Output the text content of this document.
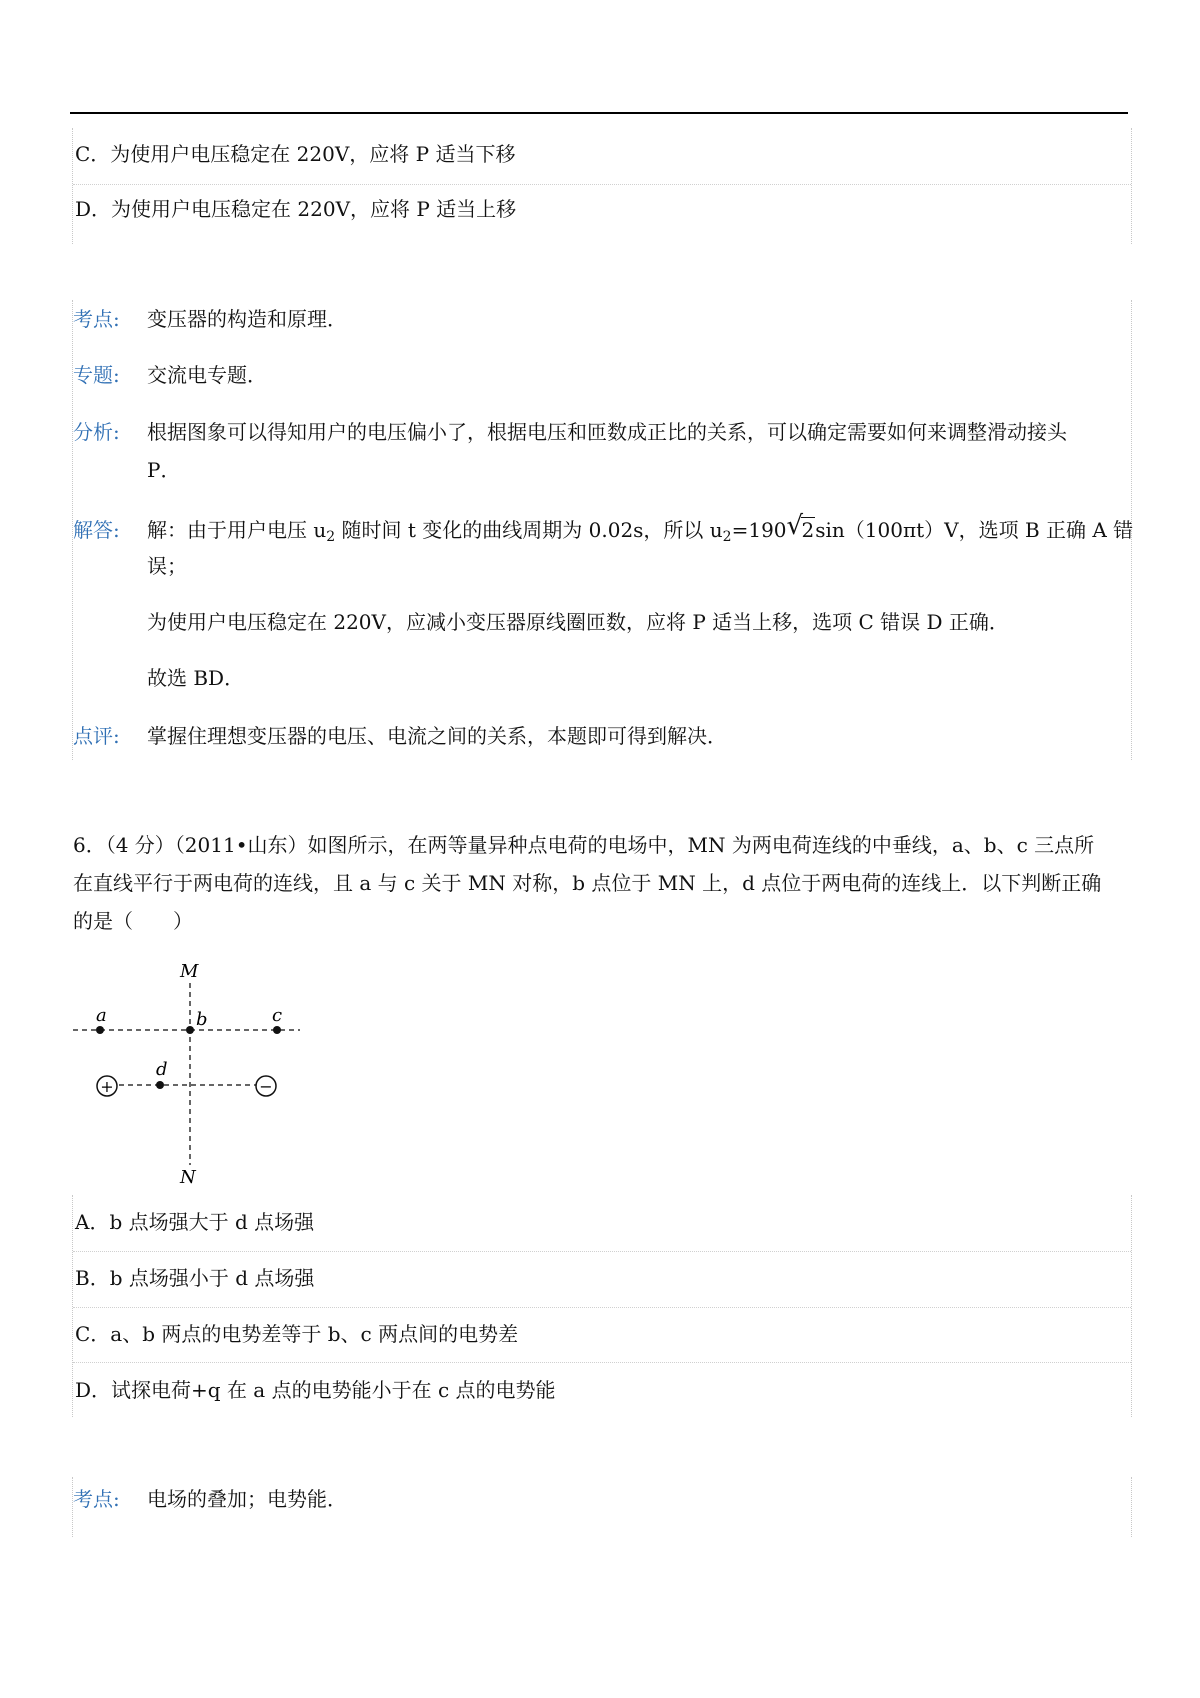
C．为使用户电压稳定在 220V，应将 P 适当下移
D．为使用户电压稳定在 220V，应将 P 适当上移
考点: 变压器的构造和原理．
专题: 交流电专题．
分析: 根据图象可以得知用户的电压偏小了，根据电压和匝数成正比的关系，可以确定需要如何来调整滑动接头
P．
解答: 解：由于用户电压 $u_2$ 随时间 t 变化的曲线周期为 0.02s，所以 $u_2=190√$ 2sin（100πt）V，选项 B 正确 A 错
误；
为使用户电压稳定在 220V，应减小变压器原线圈匝数，应将 P 适当上移，选项 C 错误 D 正确．
故选 BD．
点评: 掌握住理想变压器的电压、电流之间的关系，本题即可得到解决．
6．（4 分）（2011•山东）如图所示，在两等量异种点电荷的电场中，MN 为两电荷连线的中垂线，a、b、c 三点所
在直线平行于两电荷的连线，且 a 与 c 关于 MN 对称，b 点位于 MN 上，d 点位于两电荷的连线上．以下判断正确
的是（　　）
+	−
M
N
a	b	c
d
A．b 点场强大于 d 点场强
B．b 点场强小于 d 点场强
C．a、b 两点的电势差等于 b、c 两点间的电势差
D．试探电荷+q 在 a 点的电势能小于在 c 点的电势能
考点: 电场的叠加；电势能．
